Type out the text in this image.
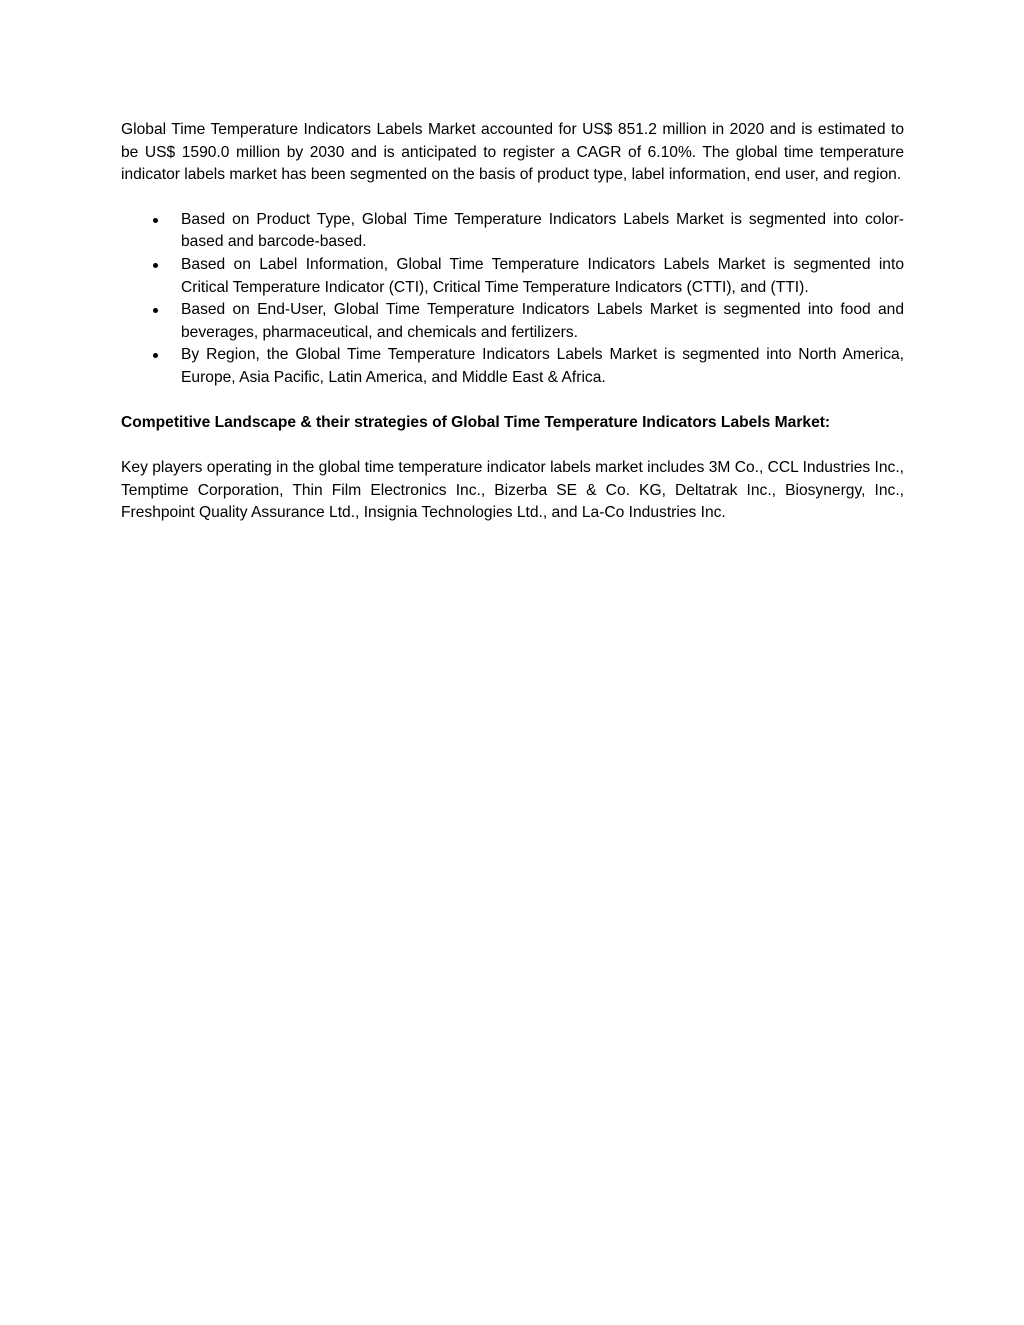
Global Time Temperature Indicators Labels Market accounted for US$ 851.2 million in 2020 and is estimated to be US$ 1590.0 million by 2030 and is anticipated to register a CAGR of 6.10%. The global time temperature indicator labels market has been segmented on the basis of product type, label information, end user, and region.

Based on Product Type, Global Time Temperature Indicators Labels Market is segmented into color-based and barcode-based.
Based on Label Information, Global Time Temperature Indicators Labels Market is segmented into Critical Temperature Indicator (CTI), Critical Time Temperature Indicators (CTTI), and (TTI).
Based on End-User, Global Time Temperature Indicators Labels Market is segmented into food and beverages, pharmaceutical, and chemicals and fertilizers.
By Region, the Global Time Temperature Indicators Labels Market is segmented into North America, Europe, Asia Pacific, Latin America, and Middle East & Africa.

Competitive Landscape & their strategies of Global Time Temperature Indicators Labels Market:

Key players operating in the global time temperature indicator labels market includes 3M Co., CCL Industries Inc., Temptime Corporation, Thin Film Electronics Inc., Bizerba SE & Co. KG, Deltatrak Inc., Biosynergy, Inc., Freshpoint Quality Assurance Ltd., Insignia Technologies Ltd., and La-Co Industries Inc.
